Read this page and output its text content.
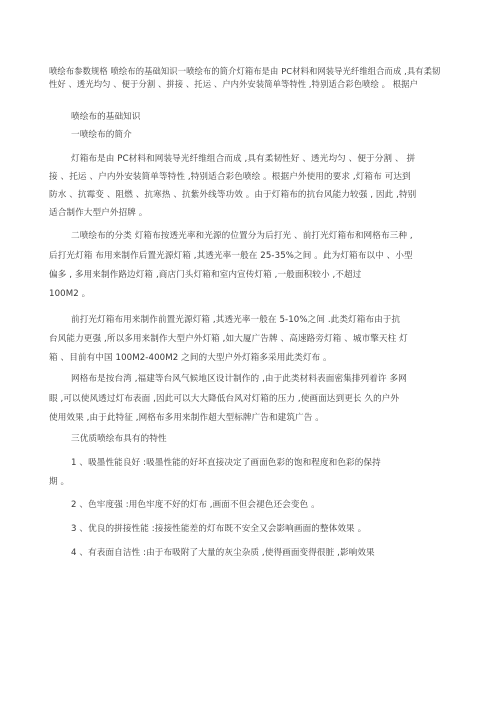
喷绘布参数规格 喷绘布的基础知识一喷绘布的简介灯箱布是由 PC材料和网装导光纤维组合而成 ,具有柔韧 性好 、透光均匀 、便于分割 、拼接 、托运 、户内外安装简单等特性 ,特别适合彩色喷绘 。 根据户

喷绘布的基础知识

一喷绘布的简介

灯箱布是由 PC材料和网装导光纤维组合而成 ,具有柔韧性好 、透光均匀 、便于分割 、 拼

接 、托运 、户内外安装简单等特性 ,特别适合彩色喷绘 。根据户外使用的要求 ,灯箱布 可达到

防水 、抗霉变 、阻燃 、抗寒热 、抗紫外线等功效 。由于灯箱布的抗台风能力较强 , 因此 ,特别

适合制作大型户外招牌 。

二喷绘布的分类 灯箱布按透光率和光源的位置分为后打光 、前打光灯箱布和网格布三种 ,

后打光灯箱 布用来制作后置光源灯箱 ,其透光率一般在 25-35%之间 。此为灯箱布以中 、小型

偏多 , 多用来制作路边灯箱 ,商店门头灯箱和室内宣传灯箱 ,一般面积较小 ,不超过

100M2 。

前打光灯箱布用来制作前置光源灯箱 ,其透光率一般在 5-10%之间 .此类灯箱布由于抗

台风能力更强 ,所以多用来制作大型户外灯箱 ,如大厦广告牌 、高速路旁灯箱 、城市擎天柱 灯

箱 、目前有中国 100M2-400M2 之间的大型户外灯箱多采用此类灯布 。

网格布是按台湾 ,福建等台风气候地区设计制作的 ,由于此类材料表面密集排列着许 多网

眼 ,可以使风透过灯布表面 ,因此可以大大降低台风对灯箱的压力 ,使画面达到更长 久的户外

使用效果 ,由于此特征 ,网格布多用来制作超大型标牌广告和建筑广告 。

三优质喷绘布具有的特性

1 、吸墨性能良好 :吸墨性能的好坏直接决定了画面色彩的饱和程度和色彩的保持

期 。

2 、色牢度强 :用色牢度不好的灯布 ,画面不但会褪色还会变色 。

3 、优良的拼接性能 :接接性能差的灯布既不安全又会影响画面的整体效果 。

4 、有表面自洁性 :由于布吸附了大量的灰尘杂质 ,使得画面变得很脏 ,影响效果
